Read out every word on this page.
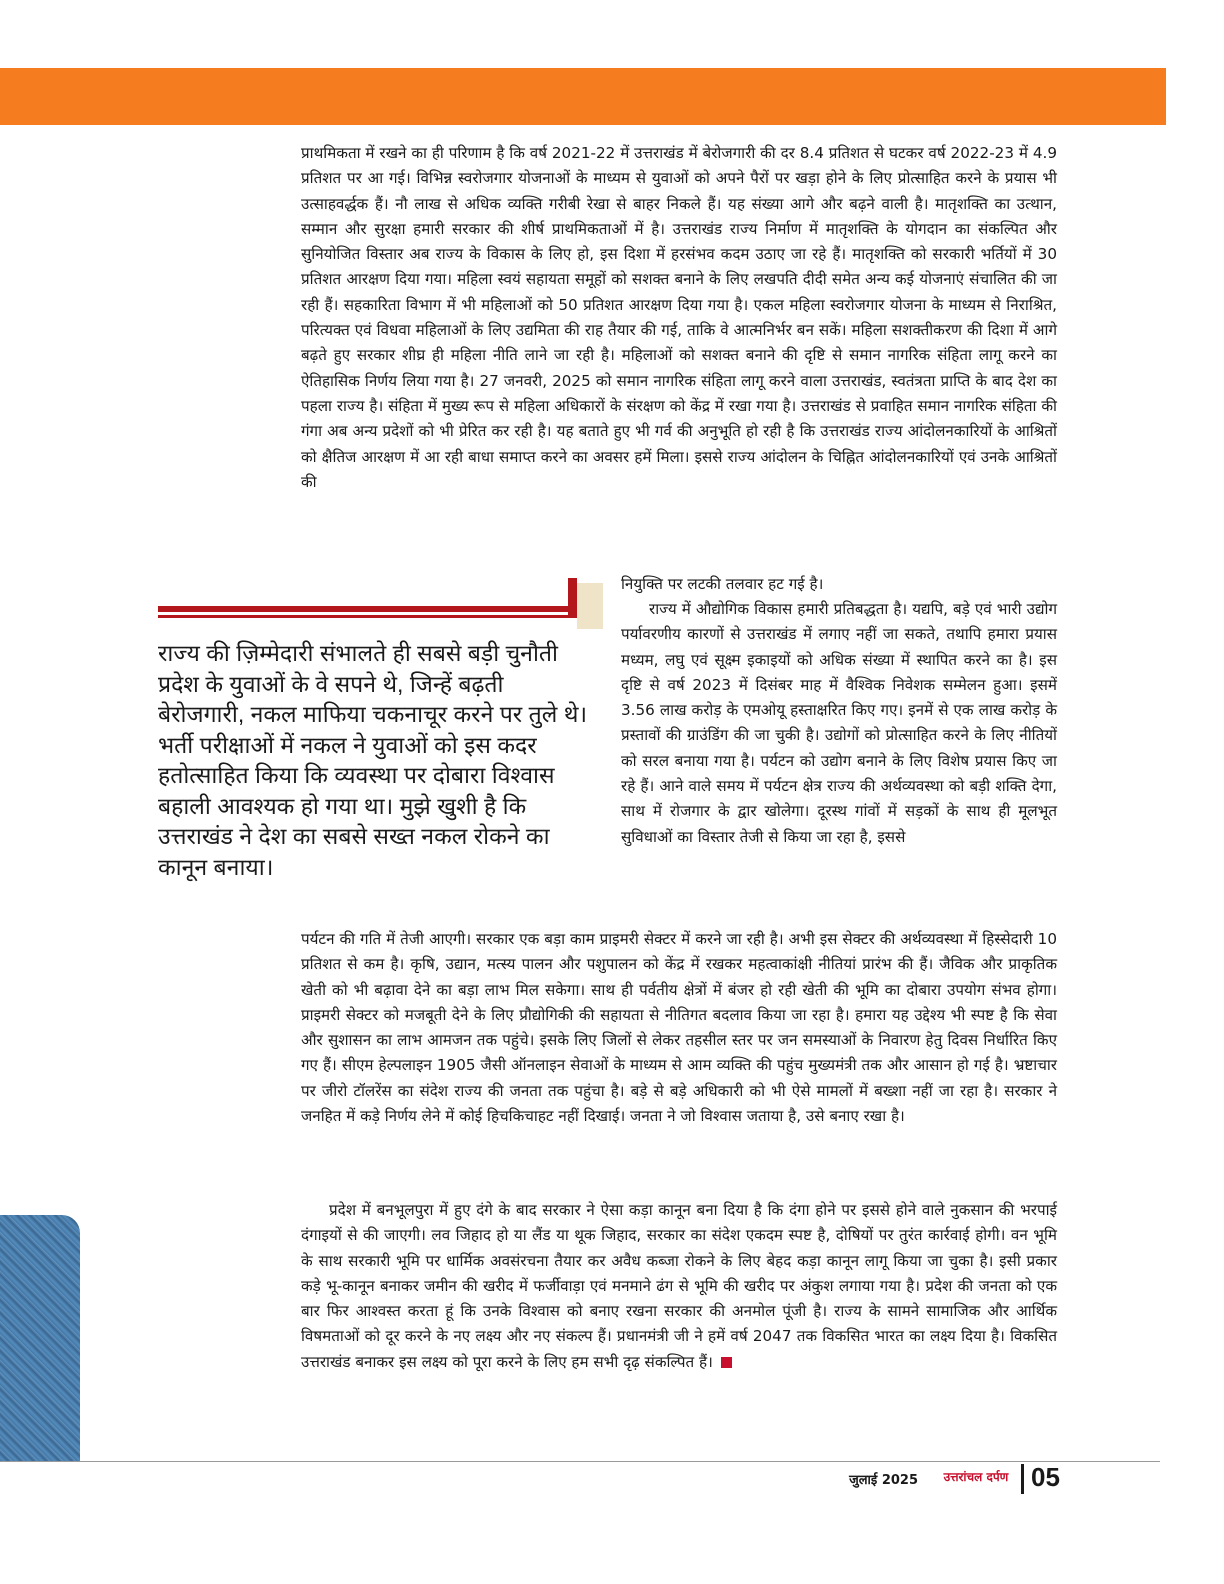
प्राथमिकता में रखने का ही परिणाम है कि वर्ष 2021-22 में उत्तराखंड में बेरोजगारी की दर 8.4 प्रतिशत से घटकर वर्ष 2022-23 में 4.9 प्रतिशत पर आ गई। विभिन्न स्वरोजगार योजनाओं के माध्यम से युवाओं को अपने पैरों पर खड़ा होने के लिए प्रोत्साहित करने के प्रयास भी उत्साहवर्द्धक हैं। नौ लाख से अधिक व्यक्ति गरीबी रेखा से बाहर निकले हैं। यह संख्या आगे और बढ़ने वाली है। मातृशक्ति का उत्थान, सम्मान और सुरक्षा हमारी सरकार की शीर्ष प्राथमिकताओं में है। उत्तराखंड राज्य निर्माण में मातृशक्ति के योगदान का संकल्पित और सुनियोजित विस्तार अब राज्य के विकास के लिए हो, इस दिशा में हरसंभव कदम उठाए जा रहे हैं। मातृशक्ति को सरकारी भर्तियों में 30 प्रतिशत आरक्षण दिया गया। महिला स्वयं सहायता समूहों को सशक्त बनाने के लिए लखपति दीदी समेत अन्य कई योजनाएं संचालित की जा रही हैं। सहकारिता विभाग में भी महिलाओं को 50 प्रतिशत आरक्षण दिया गया है। एकल महिला स्वरोजगार योजना के माध्यम से निराश्रित, परित्यक्त एवं विधवा महिलाओं के लिए उद्यमिता की राह तैयार की गई, ताकि वे आत्मनिर्भर बन सकें। महिला सशक्तीकरण की दिशा में आगे बढ़ते हुए सरकार शीघ्र ही महिला नीति लाने जा रही है। महिलाओं को सशक्त बनाने की दृष्टि से समान नागरिक संहिता लागू करने का ऐतिहासिक निर्णय लिया गया है। 27 जनवरी, 2025 को समान नागरिक संहिता लागू करने वाला उत्तराखंड, स्वतंत्रता प्राप्ति के बाद देश का पहला राज्य है। संहिता में मुख्य रूप से महिला अधिकारों के संरक्षण को केंद्र में रखा गया है। उत्तराखंड से प्रवाहित समान नागरिक संहिता की गंगा अब अन्य प्रदेशों को भी प्रेरित कर रही है। यह बताते हुए भी गर्व की अनुभूति हो रही है कि उत्तराखंड राज्य आंदोलनकारियों के आश्रितों को क्षैतिज आरक्षण में आ रही बाधा समाप्त करने का अवसर हमें मिला। इससे राज्य आंदोलन के चिह्नित आंदोलनकारियों एवं उनके आश्रितों की

नियुक्ति पर लटकी तलवार हट गई है।

राज्य में औद्योगिक विकास हमारी प्रतिबद्धता है। यद्यपि, बड़े एवं भारी उद्योग पर्यावरणीय कारणों से उत्तराखंड में लगाए नहीं जा सकते, तथापि हमारा प्रयास मध्यम, लघु एवं सूक्ष्म इकाइयों को अधिक संख्या में स्थापित करने का है। इस दृष्टि से वर्ष 2023 में दिसंबर माह में वैश्विक निवेशक सम्मेलन हुआ। इसमें 3.56 लाख करोड़ के एमओयू हस्ताक्षरित किए गए। इनमें से एक लाख करोड़ के प्रस्तावों की ग्राउंडिंग की जा चुकी है। उद्योगों को प्रोत्साहित करने के लिए नीतियों को सरल बनाया गया है। पर्यटन को उद्योग बनाने के लिए विशेष प्रयास किए जा रहे हैं। आने वाले समय में पर्यटन क्षेत्र राज्य की अर्थव्यवस्था को बड़ी शक्ति देगा, साथ में रोजगार के द्वार खोलेगा। दूरस्थ गांवों में सड़कों के साथ ही मूलभूत सुविधाओं का विस्तार तेजी से किया जा रहा है, इससे

पर्यटन की गति में तेजी आएगी। सरकार एक बड़ा काम प्राइमरी सेक्टर में करने जा रही है। अभी इस सेक्टर की अर्थव्यवस्था में हिस्सेदारी 10 प्रतिशत से कम है। कृषि, उद्यान, मत्स्य पालन और पशुपालन को केंद्र में रखकर महत्वाकांक्षी नीतियां प्रारंभ की हैं। जैविक और प्राकृतिक खेती को भी बढ़ावा देने का बड़ा लाभ मिल सकेगा। साथ ही पर्वतीय क्षेत्रों में बंजर हो रही खेती की भूमि का दोबारा उपयोग संभव होगा। प्राइमरी सेक्टर को मजबूती देने के लिए प्रौद्योगिकी की सहायता से नीतिगत बदलाव किया जा रहा है। हमारा यह उद्देश्य भी स्पष्ट है कि सेवा और सुशासन का लाभ आमजन तक पहुंचे। इसके लिए जिलों से लेकर तहसील स्तर पर जन समस्याओं के निवारण हेतु दिवस निर्धारित किए गए हैं। सीएम हेल्पलाइन 1905 जैसी ऑनलाइन सेवाओं के माध्यम से आम व्यक्ति की पहुंच मुख्यमंत्री तक और आसान हो गई है। भ्रष्टाचार पर जीरो टॉलरेंस का संदेश राज्य की जनता तक पहुंचा है। बड़े से बड़े अधिकारी को भी ऐसे मामलों में बख्शा नहीं जा रहा है। सरकार ने जनहित में कड़े निर्णय लेने में कोई हिचकिचाहट नहीं दिखाई। जनता ने जो विश्वास जताया है, उसे बनाए रखा है।

प्रदेश में बनभूलपुरा में हुए दंगे के बाद सरकार ने ऐसा कड़ा कानून बना दिया है कि दंगा होने पर इससे होने वाले नुकसान की भरपाई दंगाइयों से की जाएगी। लव जिहाद हो या लैंड या थूक जिहाद, सरकार का संदेश एकदम स्पष्ट है, दोषियों पर तुरंत कार्रवाई होगी। वन भूमि के साथ सरकारी भूमि पर धार्मिक अवसंरचना तैयार कर अवैध कब्जा रोकने के लिए बेहद कड़ा कानून लागू किया जा चुका है। इसी प्रकार कड़े भू-कानून बनाकर जमीन की खरीद में फर्जीवाड़ा एवं मनमाने ढंग से भूमि की खरीद पर अंकुश लगाया गया है। प्रदेश की जनता को एक बार फिर आश्वस्त करता हूं कि उनके विश्वास को बनाए रखना सरकार की अनमोल पूंजी है। राज्य के सामने सामाजिक और आर्थिक विषमताओं को दूर करने के नए लक्ष्य और नए संकल्प हैं। प्रधानमंत्री जी ने हमें वर्ष 2047 तक विकसित भारत का लक्ष्य दिया है। विकसित उत्तराखंड बनाकर इस लक्ष्य को पूरा करने के लिए हम सभी दृढ़ संकल्पित हैं।

राज्य की ज़िम्मेदारी संभालते ही सबसे बड़ी चुनौती प्रदेश के युवाओं के वे सपने थे, जिन्हें बढ़ती बेरोजगारी, नकल माफिया चकनाचूर करने पर तुले थे। भर्ती परीक्षाओं में नकल ने युवाओं को इस कदर हतोत्साहित किया कि व्यवस्था पर दोबारा विश्वास बहाली आवश्यक हो गया था। मुझे खुशी है कि उत्तराखंड ने देश का सबसे सख्त नकल रोकने का कानून बनाया।

जुलाई 2025	उत्तरांचल दर्पण 05
